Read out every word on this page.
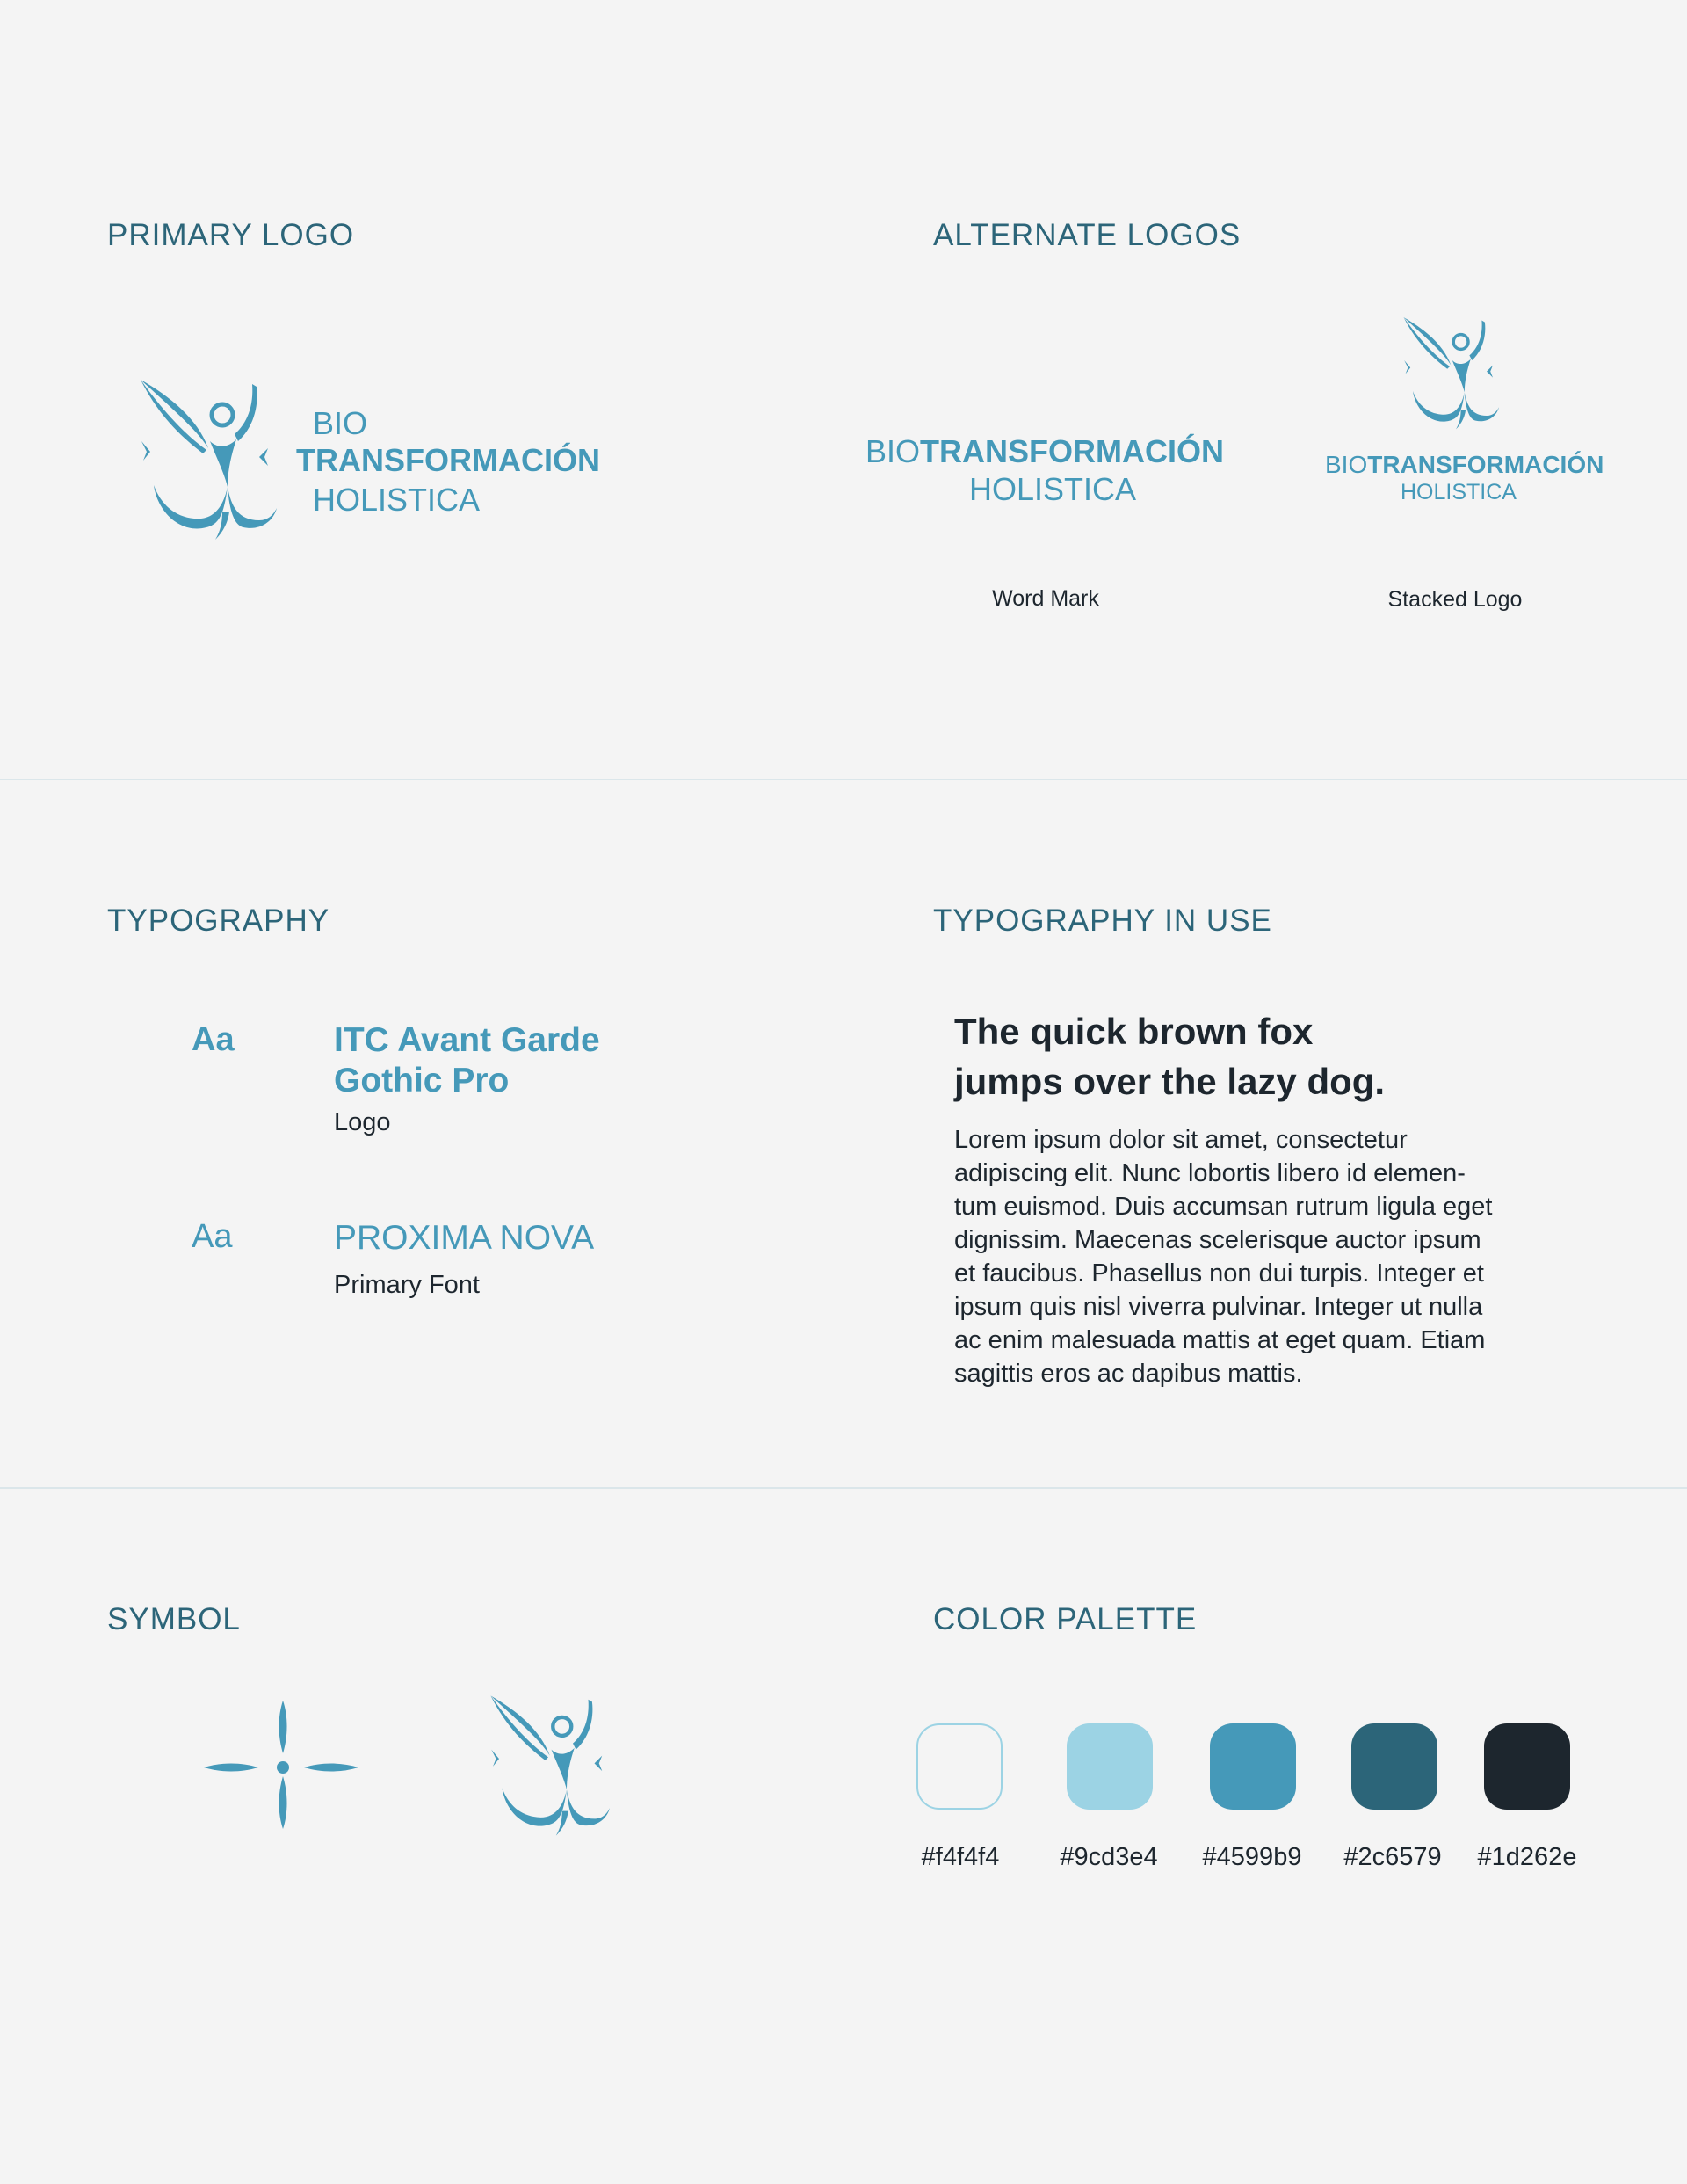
PRIMARY LOGO
BIO
TRANSFORMACIÓN
HOLISTICA
ALTERNATE LOGOS
BIOTRANSFORMACIÓN
HOLISTICA
Word Mark
BIOTRANSFORMACIÓN
HOLISTICA
Stacked Logo
TYPOGRAPHY
Aa	ITC Avant Garde
Gothic Pro
Logo
Aa	PROXIMA NOVA
Primary Font
TYPOGRAPHY IN USE
The quick brown fox
jumps over the lazy dog.
Lorem ipsum dolor sit amet, consectetur
adipiscing elit. Nunc lobortis libero id elemen-
tum euismod. Duis accumsan rutrum ligula eget
dignissim. Maecenas scelerisque auctor ipsum
et faucibus. Phasellus non dui turpis. Integer et
ipsum quis nisl viverra pulvinar. Integer ut nulla
ac enim malesuada mattis at eget quam. Etiam
sagittis eros ac dapibus mattis.
SYMBOL	COLOR PALETTE
#f4f4f4	#9cd3e4	#4599b9	#2c6579	#1d262e
